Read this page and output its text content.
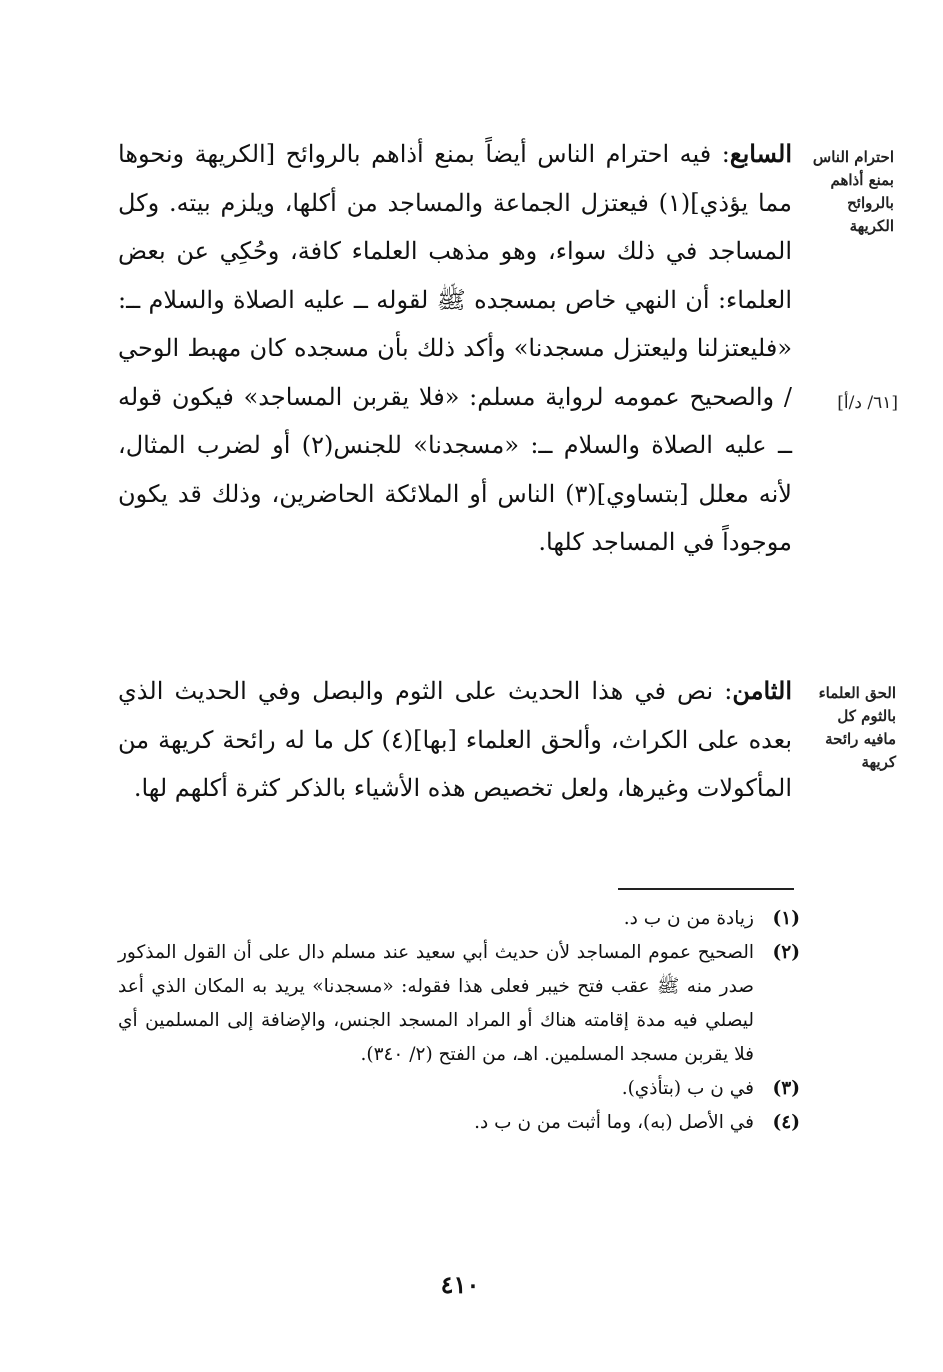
احترام الناس بمنع أذاهم بالروائح الكريهة
[٦١/ د/أ]
الحق العلماء بالثوم كل مافيه رائحة كريهة

السابع: فيه احترام الناس أيضاً بمنع أذاهم بالروائح [الكريهة ونحوها مما يؤذي](١) فيعتزل الجماعة والمساجد من أكلها، ويلزم بيته. وكل المساجد في ذلك سواء، وهو مذهب العلماء كافة، وحُكِي عن بعض العلماء: أن النهي خاص بمسجده ﷺ لقوله ــ عليه الصلاة والسلام ــ: «فليعتزلنا وليعتزل مسجدنا» وأكد ذلك بأن مسجده كان مهبط الوحي / والصحيح عمومه لرواية مسلم: «فلا يقربن المساجد» فيكون قوله ــ عليه الصلاة والسلام ــ: «مسجدنا» للجنس(٢) أو لضرب المثال، لأنه معلل [بتساوي](٣) الناس أو الملائكة الحاضرين، وذلك قد يكون موجوداً في المساجد كلها.

الثامن: نص في هذا الحديث على الثوم والبصل وفي الحديث الذي بعده على الكراث، وألحق العلماء [بها](٤) كل ما له رائحة كريهة من المأكولات وغيرها، ولعل تخصيص هذه الأشياء بالذكر كثرة أكلهم لها.

(١)
زيادة من ن ب د.
(٢)
الصحيح عموم المساجد لأن حديث أبي سعيد عند مسلم دال على أن القول المذكور صدر منه ﷺ عقب فتح خيبر فعلى هذا فقوله: «مسجدنا» يريد به المكان الذي أعد ليصلي فيه مدة إقامته هناك أو المراد المسجد الجنس، والإضافة إلى المسلمين أي فلا يقربن مسجد المسلمين. اهـ، من الفتح (٢/ ٣٤٠).
(٣)
في ن ب (بتأذي).
(٤)
في الأصل (به)، وما أثبت من ن ب د.
٤١٠
